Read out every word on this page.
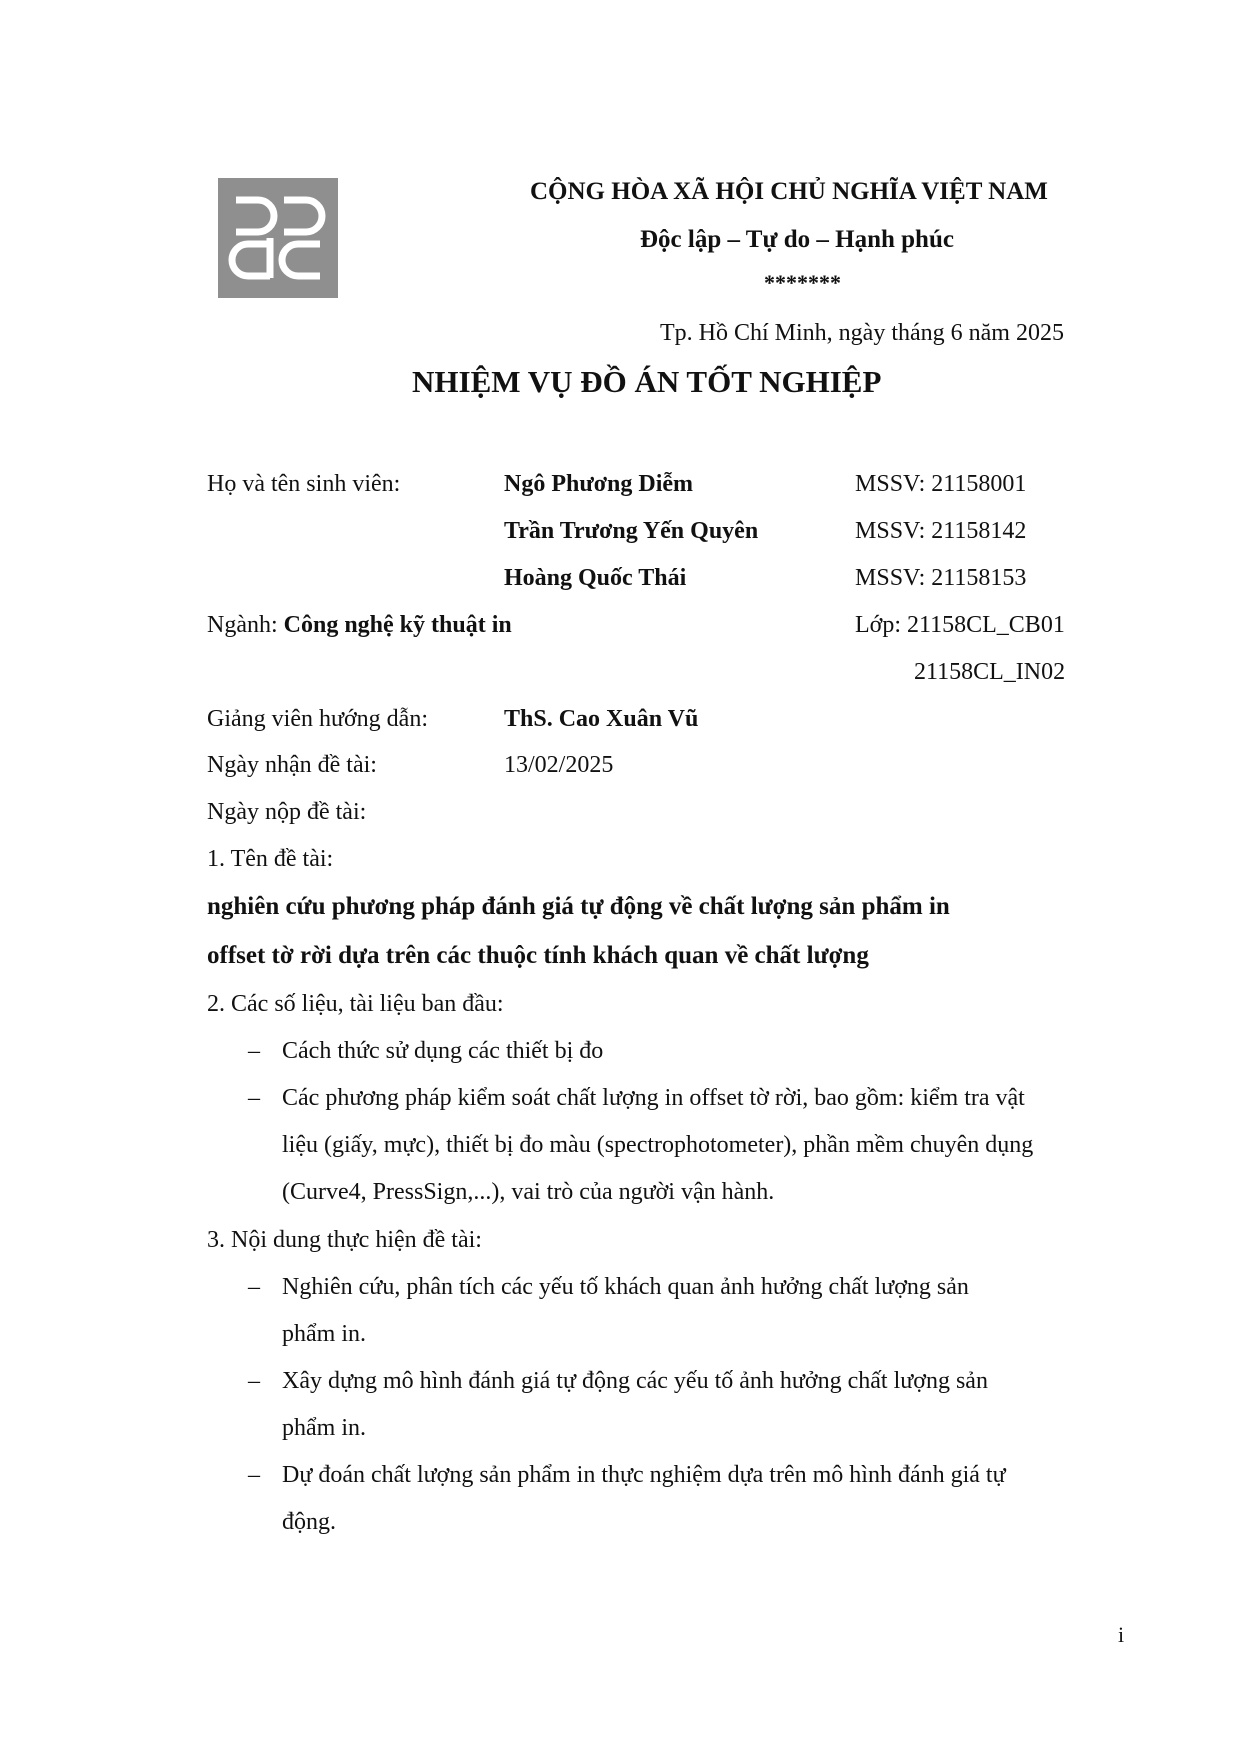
CỘNG HÒA XÃ HỘI CHỦ NGHĨA VIỆT NAM
Độc lập – Tự do – Hạnh phúc
*******
Tp. Hồ Chí Minh, ngày tháng 6 năm 2025
NHIỆM VỤ ĐỒ ÁN TỐT NGHIỆP
Họ và tên sinh viên:	Ngô Phương Diễm	MSSV: 21158001
Trần Trương Yến Quyên	MSSV: 21158142
Hoàng Quốc Thái	MSSV: 21158153
Ngành: Công nghệ kỹ thuật in	Lớp: 21158CL_CB01
21158CL_IN02
Giảng viên hướng dẫn:	ThS. Cao Xuân Vũ
Ngày nhận đề tài:	13/02/2025
Ngày nộp đề tài:
1. Tên đề tài:
nghiên cứu phương pháp đánh giá tự động về chất lượng sản phẩm in
offset tờ rời dựa trên các thuộc tính khách quan về chất lượng
2. Các số liệu, tài liệu ban đầu:
– Cách thức sử dụng các thiết bị đo
– Các phương pháp kiểm soát chất lượng in offset tờ rời, bao gồm: kiểm tra vật
liệu (giấy, mực), thiết bị đo màu (spectrophotometer), phần mềm chuyên dụng
(Curve4, PressSign,...), vai trò của người vận hành.
3. Nội dung thực hiện đề tài:
– Nghiên cứu, phân tích các yếu tố khách quan ảnh hưởng chất lượng sản
phẩm in.
– Xây dựng mô hình đánh giá tự động các yếu tố ảnh hưởng chất lượng sản
phẩm in.
– Dự đoán chất lượng sản phẩm in thực nghiệm dựa trên mô hình đánh giá tự
động.
i
